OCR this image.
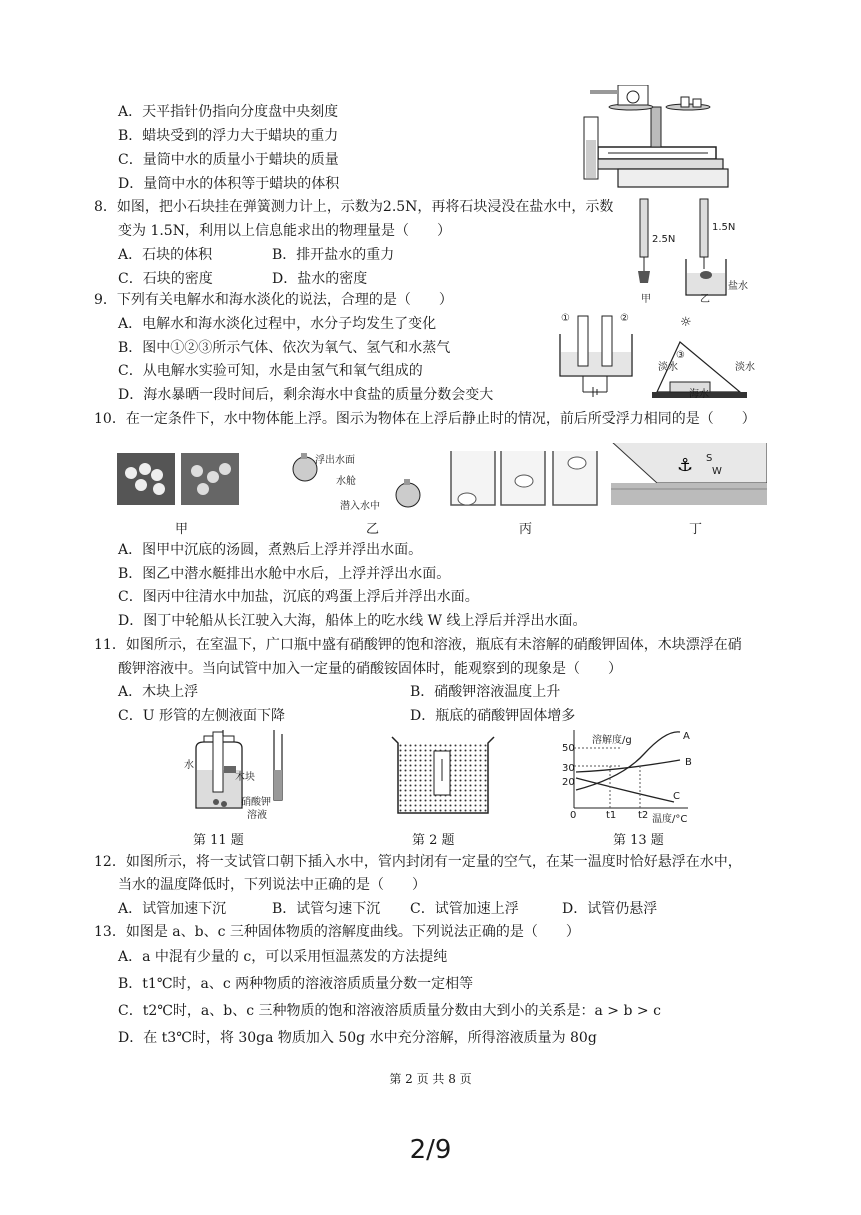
A．天平指针仍指向分度盘中央刻度
B．蜡块受到的浮力大于蜡块的重力
C．量筒中水的质量小于蜡块的质量
D．量筒中水的体积等于蜡块的体积
8．如图，把小石块挂在弹簧测力计上，示数为2.5N，再将石块浸没在盐水中，示数
变为 1.5N，利用以上信息能求出的物理量是（　　）
A．石块的体积	B．排开盐水的重力
C．石块的密度	D．盐水的密度
2.5N
1.5N
盐水
甲	乙
9．下列有关电解水和海水淡化的说法，合理的是（　　）
A．电解水和海水淡化过程中，水分子均发生了变化
B．图中①②③所示气体、依次为氧气、氢气和水蒸气
C．从电解水实验可知，水是由氢气和氧气组成的
D．海水暴晒一段时间后，剩余海水中食盐的质量分数会变大
☼
①	②
③
淡水	淡水
海水
10．在一定条件下，水中物体能上浮。图示为物体在上浮后静止时的情况，前后所受浮力相同的是（　　）
⚓
浮出水面
水舱
潜入水中
S
W
甲	乙	丙	丁
A．图甲中沉底的汤圆，煮熟后上浮并浮出水面。
B．图乙中潜水艇排出水舱中水后，上浮并浮出水面。
C．图丙中往清水中加盐，沉底的鸡蛋上浮后并浮出水面。
D．图丁中轮船从长江驶入大海，船体上的吃水线 W 线上浮后并浮出水面。
11．如图所示，在室温下，广口瓶中盛有硝酸钾的饱和溶液，瓶底有未溶解的硝酸钾固体，木块漂浮在硝
酸钾溶液中。当向试管中加入一定量的硝酸铵固体时，能观察到的现象是（　　）
A．木块上浮	B．硝酸钾溶液温度上升
C．U 形管的左侧液面下降	D．瓶底的硝酸钾固体增多
水
木块
硝酸钾
溶液
溶解度/g
温度/°C
50
30
20
0	t1 t2
A
B
C
第 11 题	第 2 题	第 13 题
12．如图所示，将一支试管口朝下插入水中，管内封闭有一定量的空气，在某一温度时恰好悬浮在水中，
当水的温度降低时，下列说法中正确的是（　　）
A．试管加速下沉	B．试管匀速下沉 C．试管加速上浮	D．试管仍悬浮
13．如图是 a、b、c 三种固体物质的溶解度曲线。下列说法正确的是（　　）
A．a 中混有少量的 c，可以采用恒温蒸发的方法提纯
B．t1℃时，a、c 两种物质的溶液溶质质量分数一定相等
C．t2℃时，a、b、c 三种物质的饱和溶液溶质质量分数由大到小的关系是：a > b > c
D．在 t3℃时，将 30ga 物质加入 50g 水中充分溶解，所得溶液质量为 80g
第 2 页 共 8 页
2/9
